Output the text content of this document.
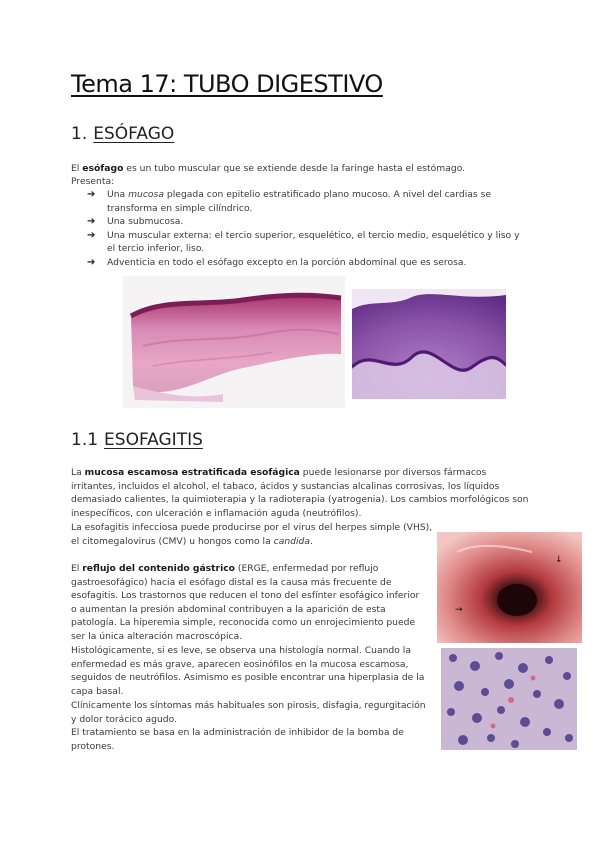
Tema 17: TUBO DIGESTIVO
1. ESÓFAGO
El esófago es un tubo muscular que se extiende desde la faringe hasta el estómago.
Presenta:
➔ Una mucosa plegada con epitelio estratificado plano mucoso. A nivel del cardias se transforma en simple cilíndrico.
➔ Una submucosa.
➔ Una muscular externa: el tercio superior, esquelético, el tercio medio, esquelético y liso y el tercio inferior, liso.
➔ Adventicia en todo el esófago excepto en la porción abdominal que es serosa.
1.1 ESOFAGITIS
La mucosa escamosa estratificada esofágica puede lesionarse por diversos fármacos irritantes, incluidos el alcohol, el tabaco, ácidos y sustancias alcalinas corrosivas, los líquidos demasiado calientes, la quimioterapia y la radioterapia (yatrogenia). Los cambios morfológicos son inespecíficos, con ulceración e inflamación aguda (neutrófilos).
La esofagitis infecciosa puede producirse por el virus del herpes simple (VHS), el citomegalovirus (CMV) u hongos como la candida.
El reflujo del contenido gástrico (ERGE, enfermedad por reflujo gastroesofágico) hacia el esófago distal es la causa más frecuente de esofagitis. Los trastornos que reducen el tono del esfínter esofágico inferior o aumentan la presión abdominal contribuyen a la aparición de esta patología. La hiperemia simple, reconocida como un enrojecimiento puede ser la única alteración macroscópica.
Histológicamente, si es leve, se observa una histología normal. Cuando la enfermedad es más grave, aparecen eosinófilos en la mucosa escamosa, seguidos de neutrófilos. Asimismo es posible encontrar una hiperplasia de la capa basal.
Clínicamente los síntomas más habituales son pirosis, disfagia, regurgitación y dolor torácico agudo.
El tratamiento se basa en la administración de inhibidor de la bomba de protones.
↓
→
